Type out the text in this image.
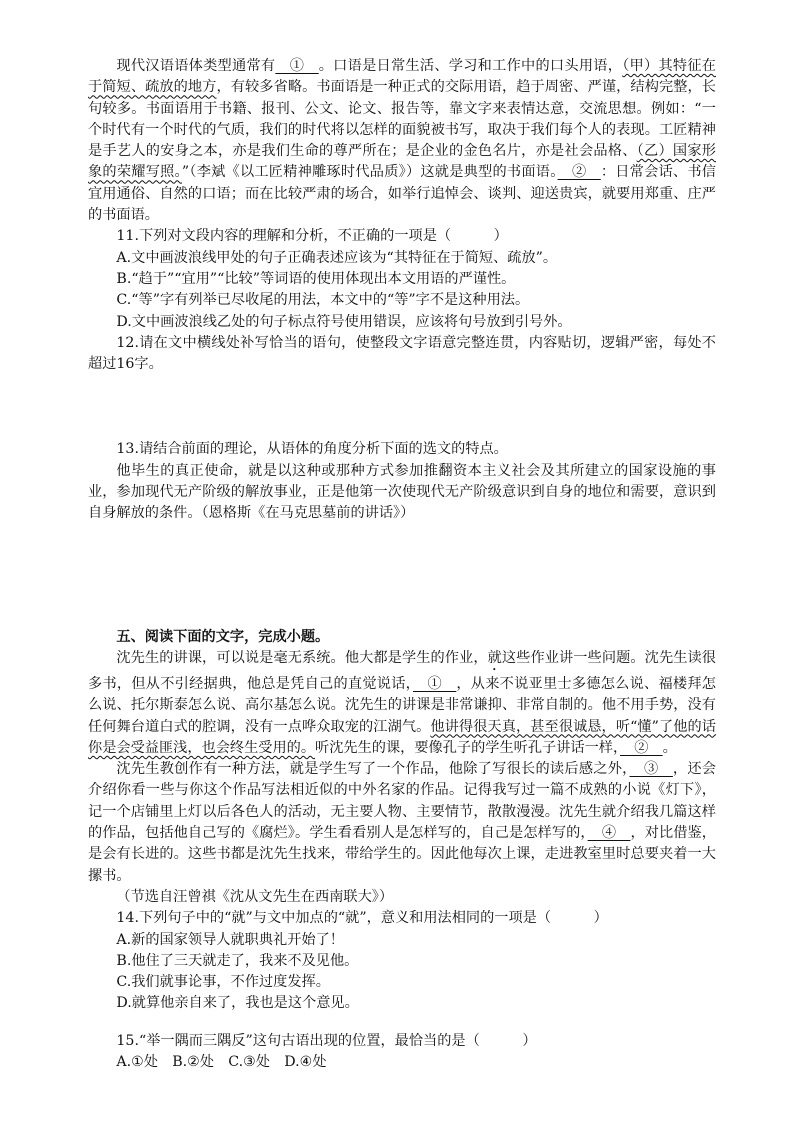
现代汉语语体类型通常有　①　。口语是日常生活、学习和工作中的口头用语，（甲）其特征在于简短、疏放的地方，有较多省略。书面语是一种正式的交际用语，趋于周密、严谨，结构完整，长句较多。书面语用于书籍、报刊、公文、论文、报告等，靠文字来表情达意，交流思想。例如：“一个时代有一个时代的气质，我们的时代将以怎样的面貌被书写，取决于我们每个人的表现。工匠精神是手艺人的安身之本，亦是我们生命的尊严所在；是企业的金色名片，亦是社会品格、（乙）国家形象的荣耀写照。”（李斌《以工匠精神雕琢时代品质》）这就是典型的书面语。　②　：日常会话、书信宜用通俗、自然的口语；而在比较严肃的场合，如举行追悼会、谈判、迎送贵宾，就要用郑重、庄严的书面语。

11.下列对文段内容的理解和分析，不正确的一项是（　　　）

A.文中画波浪线甲处的句子正确表述应该为“其特征在于简短、疏放”。

B.“趋于”“宜用”“比较”等词语的使用体现出本文用语的严谨性。

C.“等”字有列举已尽收尾的用法，本文中的“等”字不是这种用法。

D.文中画波浪线乙处的句子标点符号使用错误，应该将句号放到引号外。

12.请在文中横线处补写恰当的语句，使整段文字语意完整连贯，内容贴切，逻辑严密，每处不超过16字。

13.请结合前面的理论，从语体的角度分析下面的选文的特点。

他毕生的真正使命，就是以这种或那种方式参加推翻资本主义社会及其所建立的国家设施的事业，参加现代无产阶级的解放事业，正是他第一次使现代无产阶级意识到自身的地位和需要，意识到自身解放的条件。（恩格斯《在马克思墓前的讲话》）

五、阅读下面的文字，完成小题。

沈先生的讲课，可以说是毫无系统。他大都是学生的作业，就这些作业讲一些问题。沈先生读很多书，但从不引经据典，他总是凭自己的直觉说话，　①　，从来不说亚里士多德怎么说、福楼拜怎么说、托尔斯泰怎么说、高尔基怎么说。沈先生的讲课是非常谦抑、非常自制的。他不用手势，没有任何舞台道白式的腔调，没有一点哗众取宠的江湖气。他讲得很天真，甚至很诚恳，听“懂”了他的话你是会受益匪浅，也会终生受用的。听沈先生的课，要像孔子的学生听孔子讲话一样，　②　。

沈先生教创作有一种方法，就是学生写了一个作品，他除了写很长的读后感之外，　③　，还会介绍你看一些与你这个作品写法相近似的中外名家的作品。记得我写过一篇不成熟的小说《灯下》，记一个店铺里上灯以后各色人的活动，无主要人物、主要情节，散散漫漫。沈先生就介绍我几篇这样的作品，包括他自己写的《腐烂》。学生看看别人是怎样写的，自己是怎样写的，　④　，对比借鉴，是会有长进的。这些书都是沈先生找来，带给学生的。因此他每次上课，走进教室里时总要夹着一大摞书。

（节选自汪曾祺《沈从文先生在西南联大》）

14.下列句子中的“就”与文中加点的“就”，意义和用法相同的一项是（　　　）

A.新的国家领导人就职典礼开始了！

B.他住了三天就走了，我来不及见他。

C.我们就事论事，不作过度发挥。

D.就算他亲自来了，我也是这个意见。

15.“举一隅而三隅反”这句古语出现的位置，最恰当的是（　　　）

A.①处　B.②处　C.③处　D.④处
